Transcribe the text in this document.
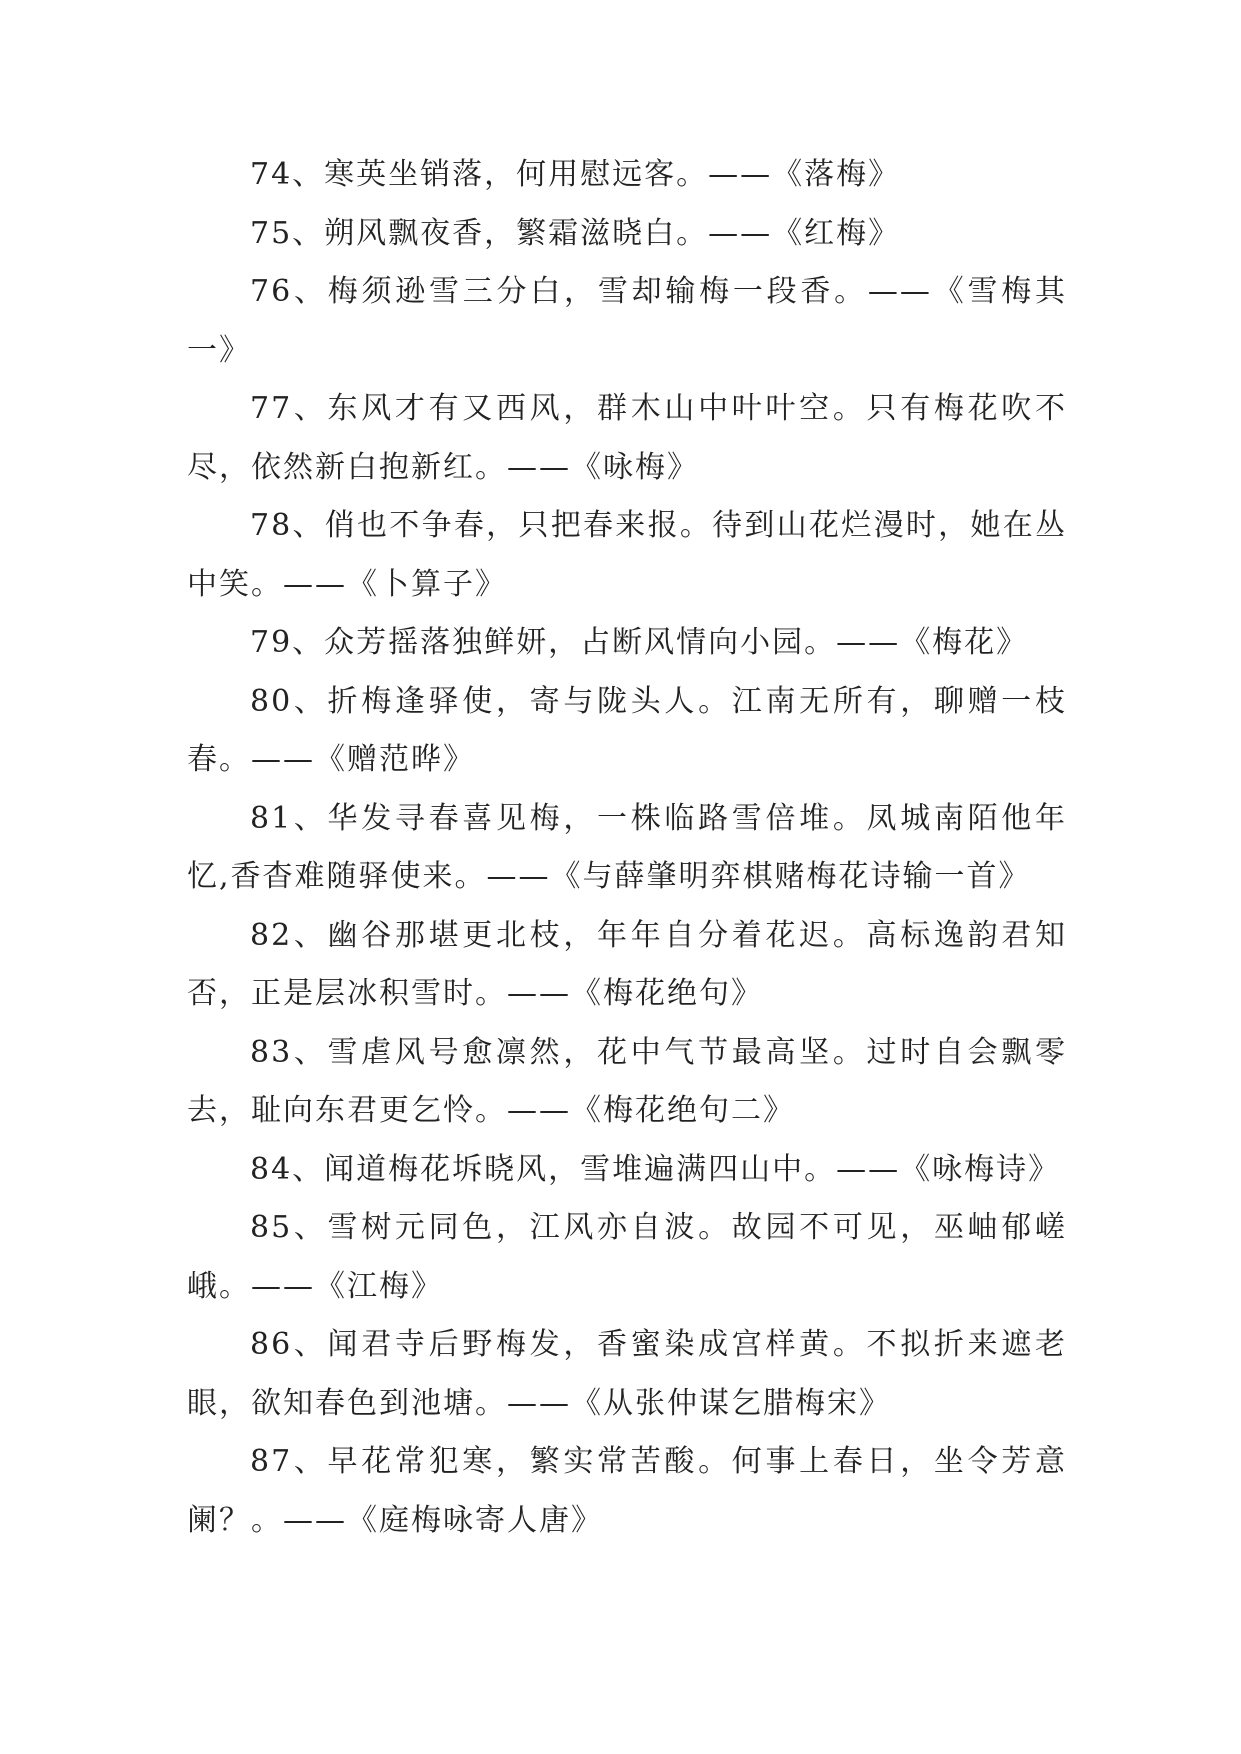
74、寒英坐销落，何用慰远客。——《落梅》

75、朔风飘夜香，繁霜滋晓白。——《红梅》

76、梅须逊雪三分白，雪却输梅一段香。——《雪梅其一》

77、东风才有又西风，群木山中叶叶空。只有梅花吹不尽，依然新白抱新红。——《咏梅》

78、俏也不争春，只把春来报。待到山花烂漫时，她在丛中笑。——《卜算子》

79、众芳摇落独鲜妍，占断风情向小园。——《梅花》

80、折梅逢驿使，寄与陇头人。江南无所有，聊赠一枝春。——《赠范晔》

81、华发寻春喜见梅，一株临路雪倍堆。凤城南陌他年忆,香杳难随驿使来。——《与薛肇明弈棋赌梅花诗输一首》

82、幽谷那堪更北枝，年年自分着花迟。高标逸韵君知否，正是层冰积雪时。——《梅花绝句》

83、雪虐风号愈凛然，花中气节最高坚。过时自会飘零去，耻向东君更乞怜。——《梅花绝句二》

84、闻道梅花坼晓风，雪堆遍满四山中。——《咏梅诗》

85、雪树元同色，江风亦自波。故园不可见，巫岫郁嵯峨。——《江梅》

86、闻君寺后野梅发，香蜜染成宫样黄。不拟折来遮老眼，欲知春色到池塘。——《从张仲谋乞腊梅宋》

87、早花常犯寒，繁实常苦酸。何事上春日，坐令芳意阑？。——《庭梅咏寄人唐》
